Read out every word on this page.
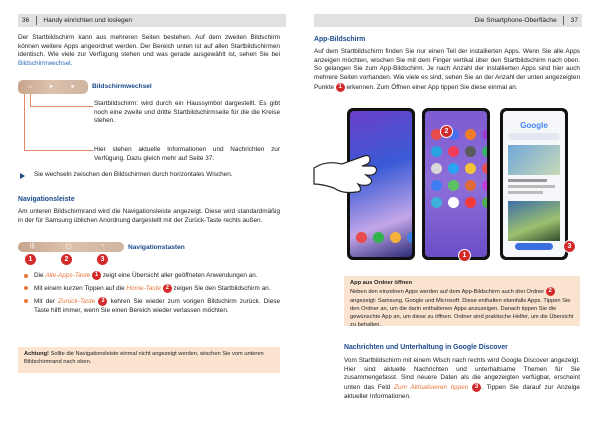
36 Handy einrichten und loslegen

Der Startbildschirm kann aus mehreren Seiten bestehen. Auf dem zweiten Bildschirm können weitere Apps angeordnet werden. Der Bereich unten ist auf allen Startbildschirmen identisch. Wie viele zur Verfügung stehen und was gerade ausgewählt ist, sehen Sie bei Bildschirmwechsel.

⌂ ● ● Bildschirmwechsel

Startbildschirm: wird durch ein Haussymbol dargestellt. Es gibt noch eine zweite und dritte Startbildschirmseite für die die Kreise stehen.

Hier stehen aktuelle Informationen und Nachrichten zur Verfügung. Dazu gleich mehr auf Seite 37.

Sie wechseln zwischen den Bildschirmen durch horizontales Wischen.
Navigationsleiste

Am unteren Bildschirmrand wird die Navigationsleiste angezeigt. Diese wird standardmäßig in der für Samsung üblichen Anordnung dargestellt mit der Zurück-Taste rechts außen.

|||	▢	‹	Navigationstasten
1	2	3
Die Alle-Apps-Taste 1 zeigt eine Übersicht aller geöffneten Anwendungen an.
Mit einem kurzen Tippen auf die Home-Taste 2 zeigen Sie den Startbildschirm an.
Mit der Zurück-Taste 3 kehren Sie wieder zum vorigen Bildschirm zurück. Diese Taste hilft immer, wenn Sie einen Bereich wieder verlassen möchten.
Achtung! Sollte die Navigationsleiste einmal nicht angezeigt werden, wischen Sie vom unteren Bildschirmrand nach oben.
Die Smartphone-Oberfläche 37
App-Bildschirm

Auf dem Startbildschirm finden Sie nur einen Teil der installierten Apps. Wenn Sie alle Apps anzeigen möchten, wischen Sie mit dem Finger vertikal über den Startbildschirm nach oben. So gelangen Sie zum App-Bildschirm. Je nach Anzahl der installierten Apps sind hier auch mehrere Seiten vorhanden. Wie viele es sind, sehen Sie an der Anzahl der unten angezeigten Punkte 1 erkennen. Zum Öffnen einer App tippen Sie diese einmal an.

Google
2
1
3
App aus Ordner öffnen
Neben den einzelnen Apps werden auf dem App-Bildschirm auch drei Ordner 2 angezeigt: Samsung, Google und Microsoft. Diese enthalten ebenfalls Apps. Tippen Sie den Ordner an, um die darin enthaltenen Apps anzuzeigen. Danach tippen Sie die gewünschte App an, um diese zu öffnen. Ordner sind praktische Helfer, um die Übersicht zu behalten.
Nachrichten und Unterhaltung in Google Discover

Vom Startbildschirm mit einem Wisch nach rechts wird Google Discover angezeigt. Hier sind aktuelle Nachrichten und unterhaltsame Themen für Sie zusammengefasst. Sind neuere Daten als die angezeigten verfügbar, erscheint unten das Feld Zum Aktualisieren tippen 3 . Tippen Sie darauf zur Anzeige aktueller Informationen.
